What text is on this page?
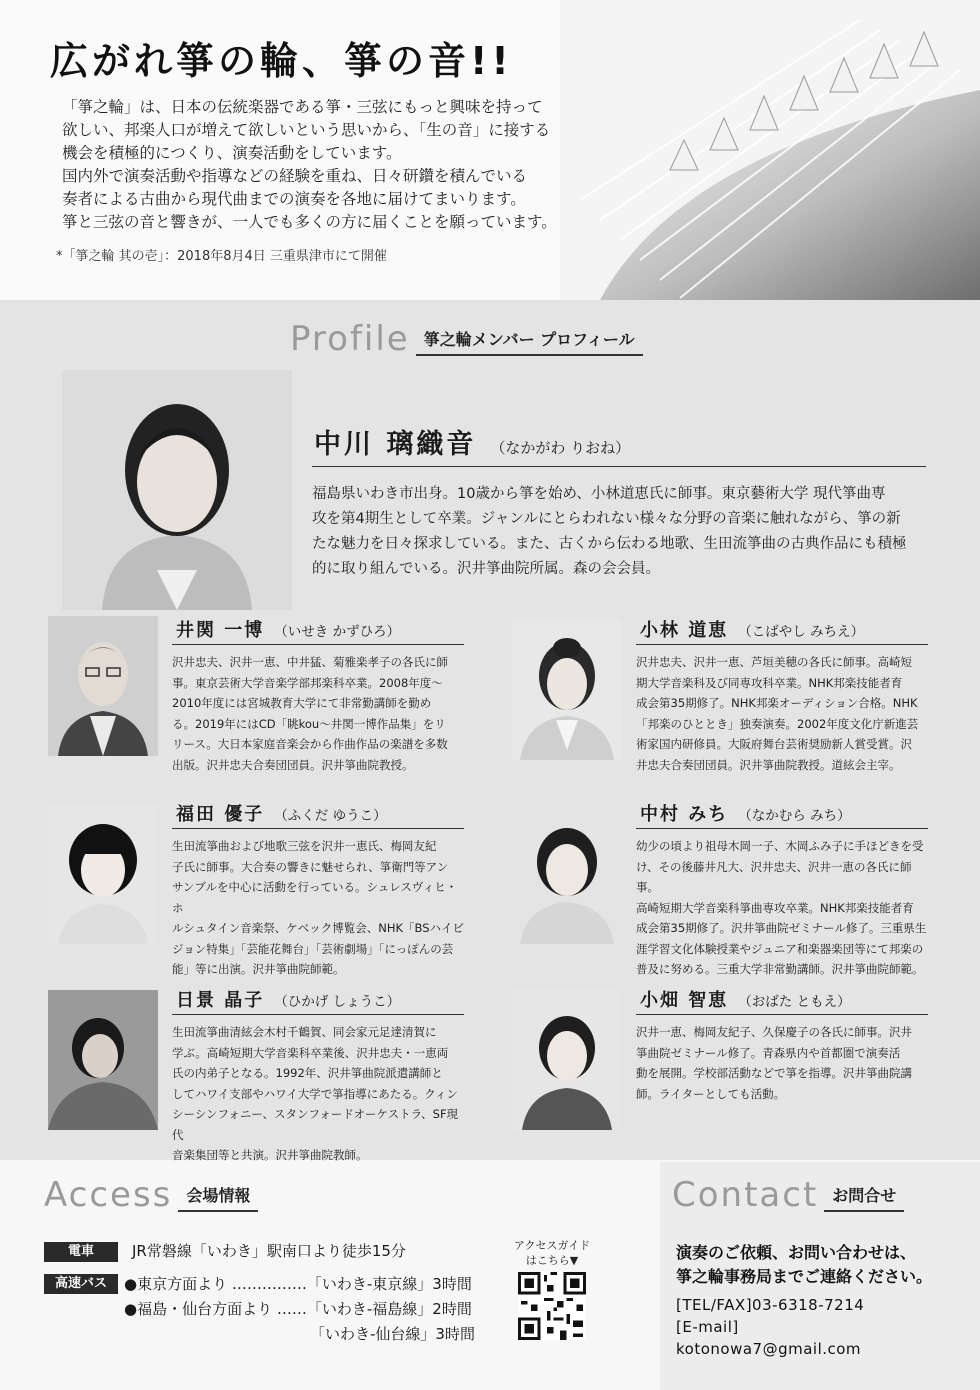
広がれ箏の輪、箏の音!!

「箏之輪」は、日本の伝統楽器である箏・三弦にもっと興味を持って

欲しい、邦楽人口が増えて欲しいという思いから、「生の音」に接する

機会を積極的につくり、演奏活動をしています。

国内外で演奏活動や指導などの経験を重ね、日々研鑽を積んでいる

奏者による古曲から現代曲までの演奏を各地に届けてまいります。

箏と三弦の音と響きが、一人でも多くの方に届くことを願っています。

*「箏之輪 其の壱」：2018年8月4日 三重県津市にて開催
Profile 箏之輪メンバー プロフィール
中川 璃織音 （なかがわ りおね）
福島県いわき市出身。10歳から箏を始め、小林道恵氏に師事。東京藝術大学 現代箏曲専
攻を第4期生として卒業。ジャンルにとらわれない様々な分野の音楽に触れながら、箏の新
たな魅力を日々探求している。また、古くから伝わる地歌、生田流箏曲の古典作品にも積極
的に取り組んでいる。沢井箏曲院所属。森の会会員。
井関 一博 （いせき かずひろ）
沢井忠夫、沢井一恵、中井猛、菊雅楽孝子の各氏に師
事。東京芸術大学音楽学部邦楽科卒業。2008年度～
2010年度には宮城教育大学にて非常勤講師を勤め
る。2019年にはCD「眺kou～井関一博作品集」をリ
リース。大日本家庭音楽会から作曲作品の楽譜を多数
出版。沢井忠夫合奏団団員。沢井箏曲院教授。
小林 道恵 （こばやし みちえ）
沢井忠夫、沢井一恵、芦垣美穂の各氏に師事。高崎短
期大学音楽科及び同専攻科卒業。NHK邦楽技能者育
成会第35期修了。NHK邦楽オーディション合格。NHK
「邦楽のひととき」独奏演奏。2002年度文化庁新進芸
術家国内研修員。大阪府舞台芸術奨励新人賞受賞。沢
井忠夫合奏団団員。沢井箏曲院教授。道絃会主宰。
福田 優子 （ふくだ ゆうこ）
生田流箏曲および地歌三弦を沢井一恵氏、梅岡友紀
子氏に師事。大合奏の響きに魅せられ、箏衛門等アン
サンブルを中心に活動を行っている。シュレスヴィヒ・ホ
ルシュタイン音楽祭、ケベック博覧会、NHK「BSハイビ
ジョン特集」「芸能花舞台」「芸術劇場」「にっぽんの芸
能」等に出演。沢井箏曲院師範。
中村 みち （なかむら みち）
幼少の頃より祖母木岡一子、木岡ふみ子に手ほどきを受
け、その後藤井凡大、沢井忠夫、沢井一恵の各氏に師事。
高崎短期大学音楽科箏曲専攻卒業。NHK邦楽技能者育
成会第35期修了。沢井箏曲院ゼミナール修了。三重県生
涯学習文化体験授業やジュニア和楽器楽団等にて邦楽の
普及に努める。三重大学非常勤講師。沢井箏曲院師範。
日景 晶子 （ひかげ しょうこ）
生田流箏曲清絃会木村千鶴賀、同会家元足達清賀に
学ぶ。高崎短期大学音楽科卒業後、沢井忠夫・一恵両
氏の内弟子となる。1992年、沢井箏曲院派遣講師と
してハワイ支部やハワイ大学で箏指導にあたる。クィン
シーシンフォニー、スタンフォードオーケストラ、SF現代
音楽集団等と共演。沢井箏曲院教師。
小畑 智恵 （おばた ともえ）
沢井一恵、梅岡友紀子、久保慶子の各氏に師事。沢井
箏曲院ゼミナール修了。青森県内や首都圏で演奏活
動を展開。学校部活動などで箏を指導。沢井箏曲院講
師。ライターとしても活動。
Access 会場情報
電車	JR常磐線「いわき」駅南口より徒歩15分
高速バス	●東京方面より ……………「いわき-東京線」3時間
●福島・仙台方面より ……「いわき-福島線」2時間
「いわき-仙台線」3時間
アクセスガイド
はこちら▼
Contact お問合せ
演奏のご依頼、お問い合わせは、
箏之輪事務局までご連絡ください。
[TEL/FAX]03-6318-7214
[E-mail]
kotonowa7@gmail.com
